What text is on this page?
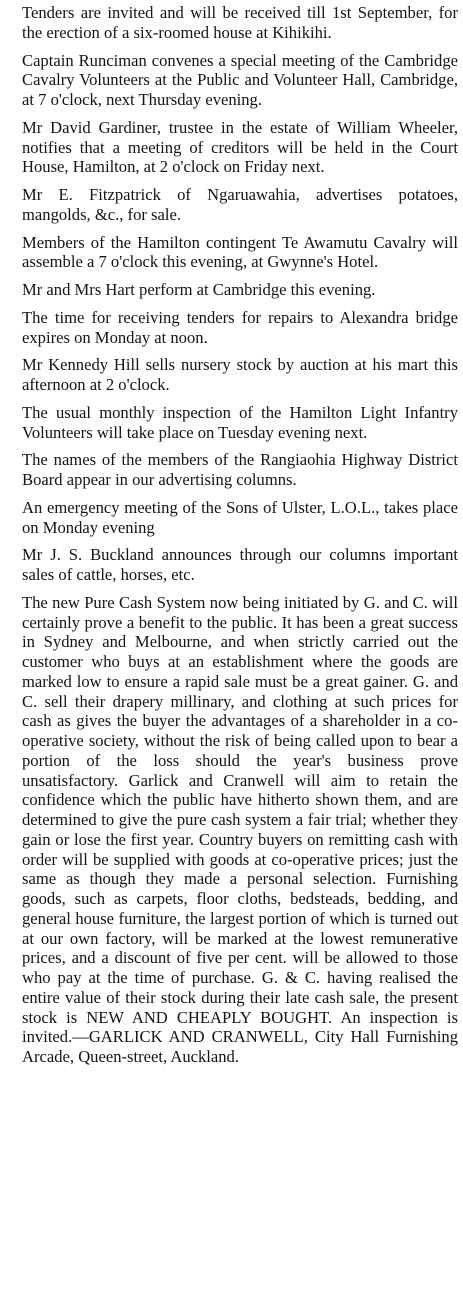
Tenders are invited and will be received till 1st September, for the erection of a six-roomed house at Kihikihi.

Captain Runciman convenes a special meeting of the Cambridge Cavalry Volunteers at the Public and Volunteer Hall, Cambridge, at 7 o'clock, next Thursday evening.

Mr David Gardiner, trustee in the estate of William Wheeler, notifies that a meeting of creditors will be held in the Court House, Hamilton, at 2 o'clock on Friday next.

Mr E. Fitzpatrick of Ngaruawahia, advertises potatoes, mangolds, &c., for sale.

Members of the Hamilton contingent Te Awamutu Cavalry will assemble a 7 o'clock this evening, at Gwynne's Hotel.

Mr and Mrs Hart perform at Cambridge this evening.

The time for receiving tenders for repairs to Alexandra bridge expires on Monday at noon.

Mr Kennedy Hill sells nursery stock by auction at his mart this afternoon at 2 o'clock.

The usual monthly inspection of the Hamilton Light Infantry Volunteers will take place on Tuesday evening next.

The names of the members of the Rangiaohia Highway District Board appear in our advertising columns.

An emergency meeting of the Sons of Ulster, L.O.L., takes place on Monday evening

Mr J. S. Buckland announces through our columns important sales of cattle, horses, etc.

The new Pure Cash System now being initiated by G. and C. will certainly prove a benefit to the public. It has been a great success in Sydney and Melbourne, and when strictly carried out the customer who buys at an establishment where the goods are marked low to ensure a rapid sale must be a great gainer. G. and C. sell their drapery millinary, and clothing at such prices for cash as gives the buyer the advantages of a shareholder in a co-operative society, without the risk of being called upon to bear a portion of the loss should the year's business prove unsatisfactory. Garlick and Cranwell will aim to retain the confidence which the public have hitherto shown them, and are determined to give the pure cash system a fair trial; whether they gain or lose the first year. Country buyers on remitting cash with order will be supplied with goods at co-operative prices; just the same as though they made a personal selection. Furnishing goods, such as carpets, floor cloths, bedsteads, bedding, and general house furniture, the largest portion of which is turned out at our own factory, will be marked at the lowest remunerative prices, and a discount of five per cent. will be allowed to those who pay at the time of purchase. G. & C. having realised the entire value of their stock during their late cash sale, the present stock is NEW AND CHEAPLY BOUGHT. An inspection is invited.—GARLICK AND CRANWELL, City Hall Furnishing Arcade, Queen-street, Auckland.
